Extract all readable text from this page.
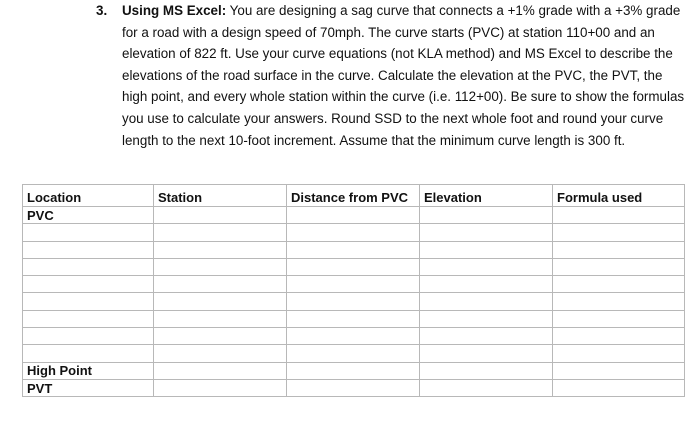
3. Using MS Excel: You are designing a sag curve that connects a +1% grade with a +3% grade for a road with a design speed of 70mph. The curve starts (PVC) at station 110+00 and an elevation of 822 ft. Use your curve equations (not KLA method) and MS Excel to describe the elevations of the road surface in the curve. Calculate the elevation at the PVC, the PVT, the high point, and every whole station within the curve (i.e. 112+00). Be sure to show the formulas you use to calculate your answers. Round SSD to the next whole foot and round your curve length to the next 10-foot increment. Assume that the minimum curve length is 300 ft.
Location	Station	Distance from PVC	Elevation	Formula used
PVC				

High Point				
PVT				
